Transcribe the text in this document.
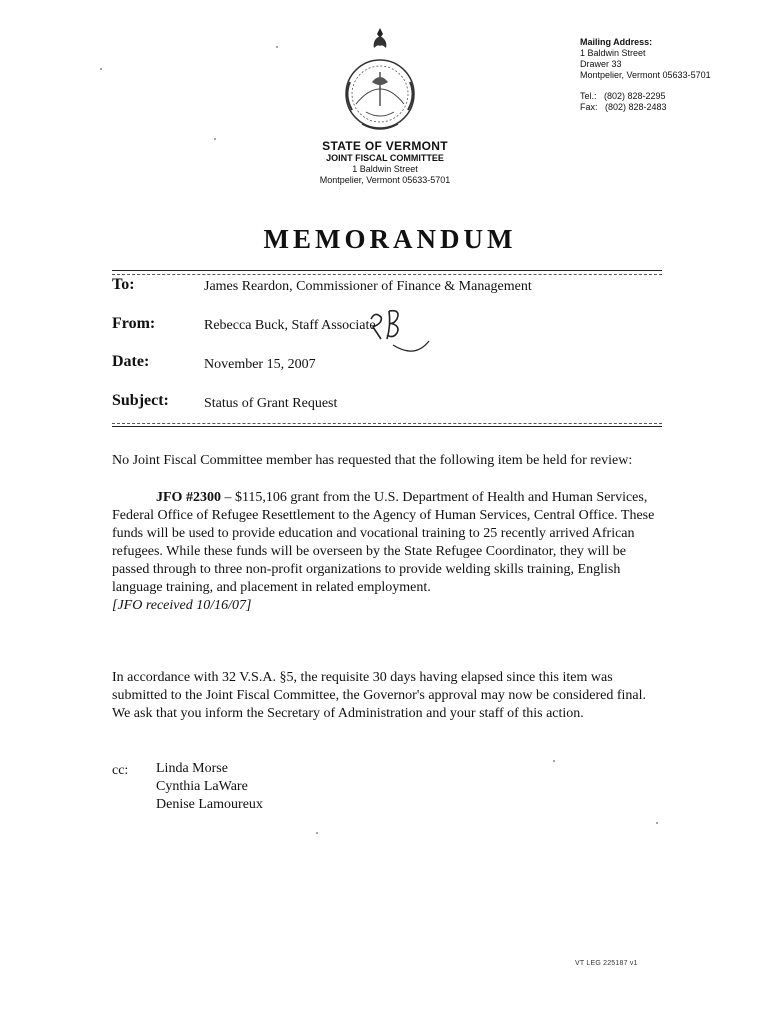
Mailing Address:
1 Baldwin Street
Drawer 33
Montpelier, Vermont 05633-5701
Tel.:   (802) 828-2295
Fax:   (802) 828-2483
STATE OF VERMONT
JOINT FISCAL COMMITTEE
1 Baldwin Street
Montpelier, Vermont 05633-5701
MEMORANDUM
To:	James Reardon, Commissioner of Finance & Management
From:	Rebecca Buck, Staff Associate
Date:	November 15, 2007
Subject:	Status of Grant Request

No Joint Fiscal Committee member has requested that the following item be held for review:

JFO #2300 – $115,106 grant from the U.S. Department of Health and Human Services, Federal Office of Refugee Resettlement to the Agency of Human Services, Central Office. These funds will be used to provide education and vocational training to 25 recently arrived African refugees. While these funds will be overseen by the State Refugee Coordinator, they will be passed through to three non-profit organizations to provide welding skills training, English language training, and placement in related employment.

[JFO received 10/16/07]

In accordance with 32 V.S.A. §5, the requisite 30 days having elapsed since this item was submitted to the Joint Fiscal Committee, the Governor's approval may now be considered final. We ask that you inform the Secretary of Administration and your staff of this action.

cc: Linda Morse
Cynthia LaWare
Denise Lamoureux
VT LEG 225187 v1
